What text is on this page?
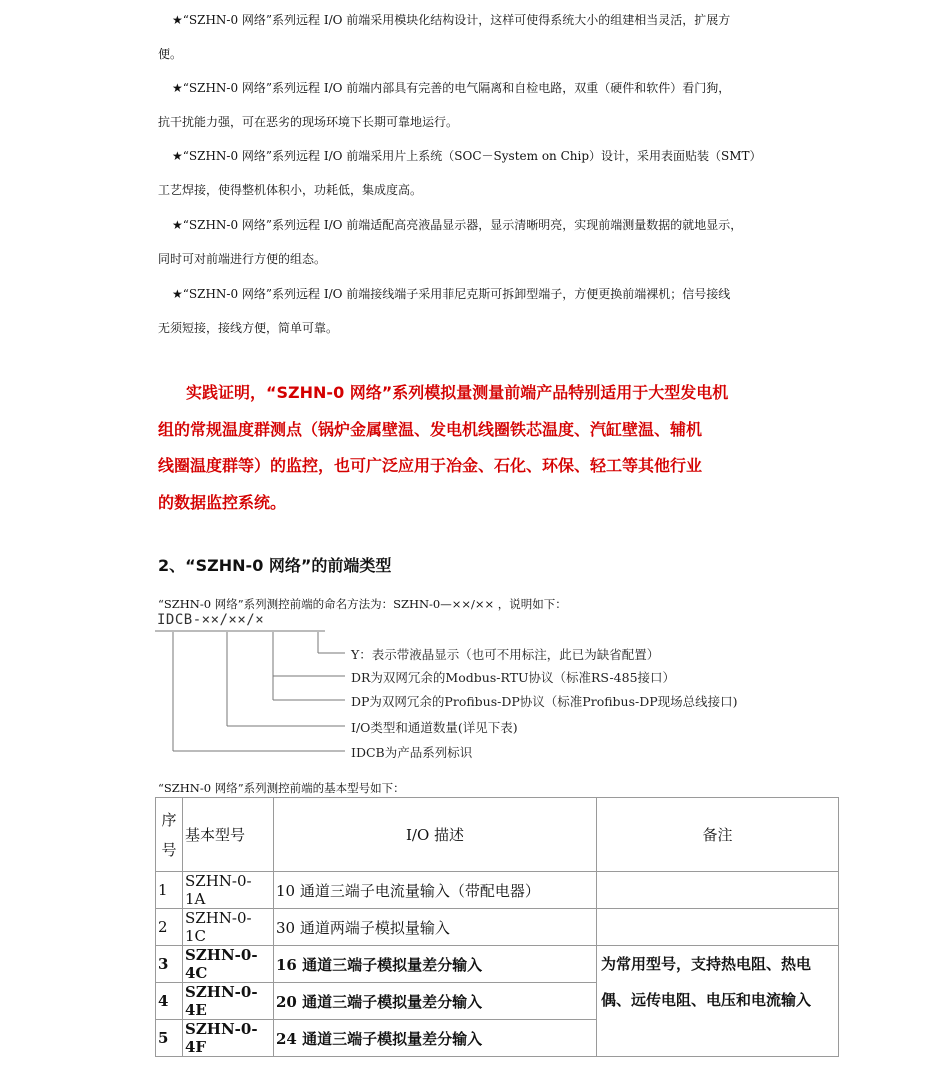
★“SZHN-0 网络”系列远程 I/O 前端采用模块化结构设计，这样可使得系统大小的组建相当灵活，扩展方
便。
★“SZHN-0 网络”系列远程 I/O 前端内部具有完善的电气隔离和自检电路，双重（硬件和软件）看门狗，
抗干扰能力强，可在恶劣的现场环境下长期可靠地运行。
★“SZHN-0 网络”系列远程 I/O 前端采用片上系统（SOC－System on Chip）设计，采用表面贴装（SMT）
工艺焊接，使得整机体积小，功耗低，集成度高。
★“SZHN-0 网络”系列远程 I/O 前端适配高亮液晶显示器，显示清晰明亮，实现前端测量数据的就地显示，
同时可对前端进行方便的组态。
★“SZHN-0 网络”系列远程 I/O 前端接线端子采用菲尼克斯可拆卸型端子，方便更换前端裸机；信号接线
无须短接，接线方便，简单可靠。
实践证明，“SZHN-0 网络”系列模拟量测量前端产品特别适用于大型发电机
组的常规温度群测点（锅炉金属壁温、发电机线圈铁芯温度、汽缸壁温、辅机
线圈温度群等）的监控，也可广泛应用于冶金、石化、环保、轻工等其他行业
的数据监控系统。
2、“SZHN-0 网络”的前端类型
“SZHN-0 网络”系列测控前端的命名方法为：SZHN-0—××/×× ，说明如下：
IDCB-××/××/×
Y：表示带液晶显示（也可不用标注，此已为缺省配置）
DR为双网冗余的Modbus-RTU协议（标准RS-485接口）
DP为双网冗余的Profibus-DP协议（标准Profibus-DP现场总线接口)
I/O类型和通道数量(详见下表)
IDCB为产品系列标识
“SZHN-0 网络”系列测控前端的基本型号如下：
序
号	基本型号	I/O 描述	备注
1	SZHN-0-1A	10 通道三端子电流量输入（带配电器）	
2	SZHN-0-1C	30 通道两端子模拟量输入	
3	SZHN-0-4C	16 通道三端子模拟量差分输入	为常用型号，支持热电阻、热电偶、远传电阻、电压和电流输入
4	SZHN-0-4E	20 通道三端子模拟量差分输入	
5	SZHN-0-4F	24 通道三端子模拟量差分输入	
